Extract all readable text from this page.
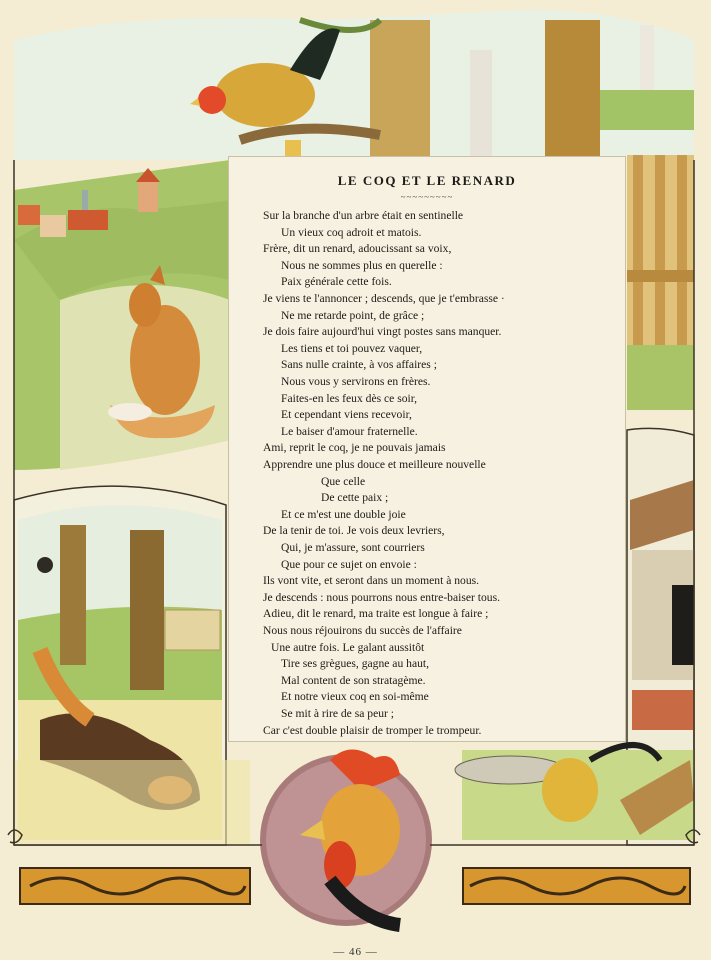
LE COQ ET LE RENARD
~~~~~~~~~
Sur la branche d'un arbre était en sentinelle
Un vieux coq adroit et matois.
Frère, dit un renard, adoucissant sa voix,
Nous ne sommes plus en querelle :
Paix générale cette fois.
Je viens te l'annoncer ; descends, que je t'embrasse ·
Ne me retarde point, de grâce ;
Je dois faire aujourd'hui vingt postes sans manquer.
Les tiens et toi pouvez vaquer,
Sans nulle crainte, à vos affaires ;
Nous vous y servirons en frères.
Faites-en les feux dès ce soir,
Et cependant viens recevoir,
Le baiser d'amour fraternelle.
Ami, reprit le coq, je ne pouvais jamais
Apprendre une plus douce et meilleure nouvelle
Que celle
De cette paix ;
Et ce m'est une double joie
De la tenir de toi. Je vois deux levriers,
Qui, je m'assure, sont courriers
Que pour ce sujet on envoie :
Ils vont vite, et seront dans un moment à nous.
Je descends : nous pourrons nous entre-baiser tous.
Adieu, dit le renard, ma traite est longue à faire ;
Nous nous réjouirons du succès de l'affaire
Une autre fois. Le galant aussitôt
Tire ses grègues, gagne au haut,
Mal content de son stratagème.
Et notre vieux coq en soi-même
Se mit à rire de sa peur ;
Car c'est double plaisir de tromper le trompeur.
— 46 —
